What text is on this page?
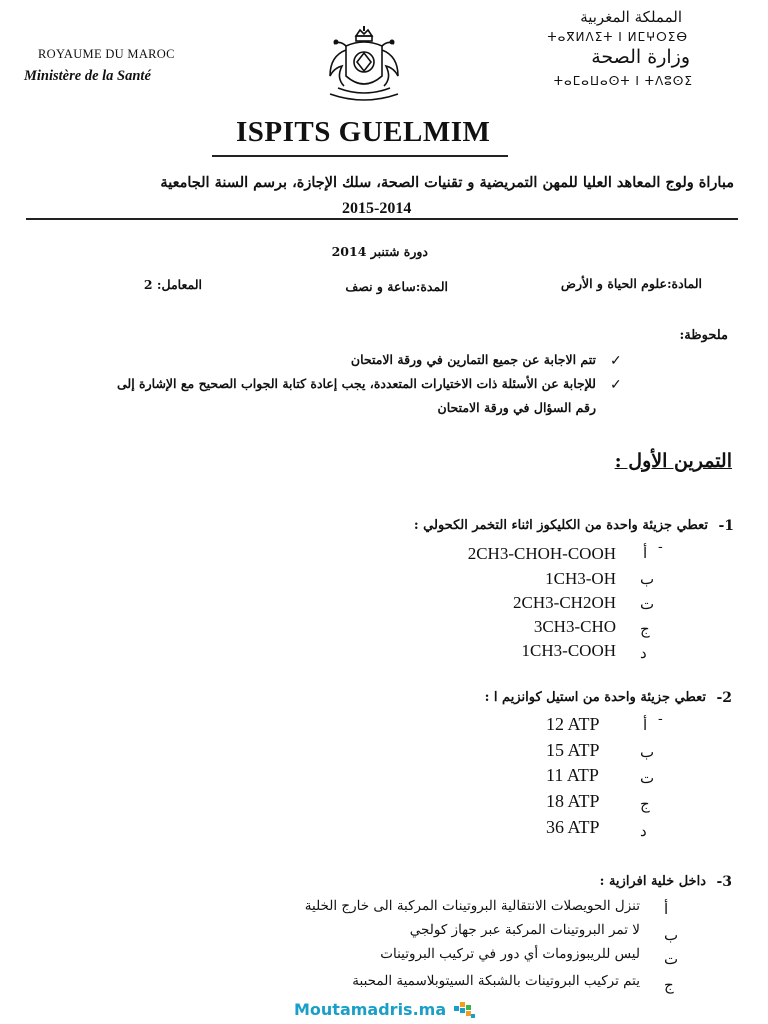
ROYAUME DU MAROC
Ministère de la Santé
المملكة المغربية
ⵜⴰⴳⵍⴷⵉⵜ ⵏ ⵍⵎⵖⵔⵉⴱ
وزارة الصحة
ⵜⴰⵎⴰⵡⴰⵙⵜ ⵏ ⵜⴷⵓⵙⵉ
ISPITS GUELMIM
مباراة ولوج المعاهد العليا للمهن التمريضية و تقنيات الصحة، سلك الإجازة، برسم السنة الجامعية
2015-2014
دورة شتنبر 2014
المادة:علوم الحياة و الأرض
المدة:ساعة و نصف
المعامل: 2
ملحوظة:
✓
تتم الاجابة عن جميع التمارين في ورقة الامتحان
✓
للإجابة عن الأسئلة ذات الاختيارات المتعددة، يجب إعادة كتابة الجواب الصحيح مع الإشارة إلى
رقم السؤال في ورقة الامتحان
التمرين الأول :
-1
تعطي جزيئة واحدة من الكليكوز اثناء التخمر الكحولي :
-
أ
2CH3-CHOH-COOH
ب
1CH3-OH
ت
2CH3-CH2OH
ج
3CH3-CHO
د
1CH3-COOH
-2
تعطي جزيئة واحدة من استيل كوانزيم ا :
-
أ
12 ATP
ب
15 ATP
ت
11 ATP
ج
18 ATP
د
36 ATP
-3
داخل خلية افرازية :
أ
تنزل الحويصلات الانتقالية البروتينات المركبة الى خارج الخلية
ب
لا تمر البروتينات المركبة عبر جهاز كولجي
ت
ليس للريبوزومات أي دور في تركيب البروتينات
ج
يتم تركيب البروتينات بالشبكة السيتوبلاسمية المحببة
Moutamadris.ma
